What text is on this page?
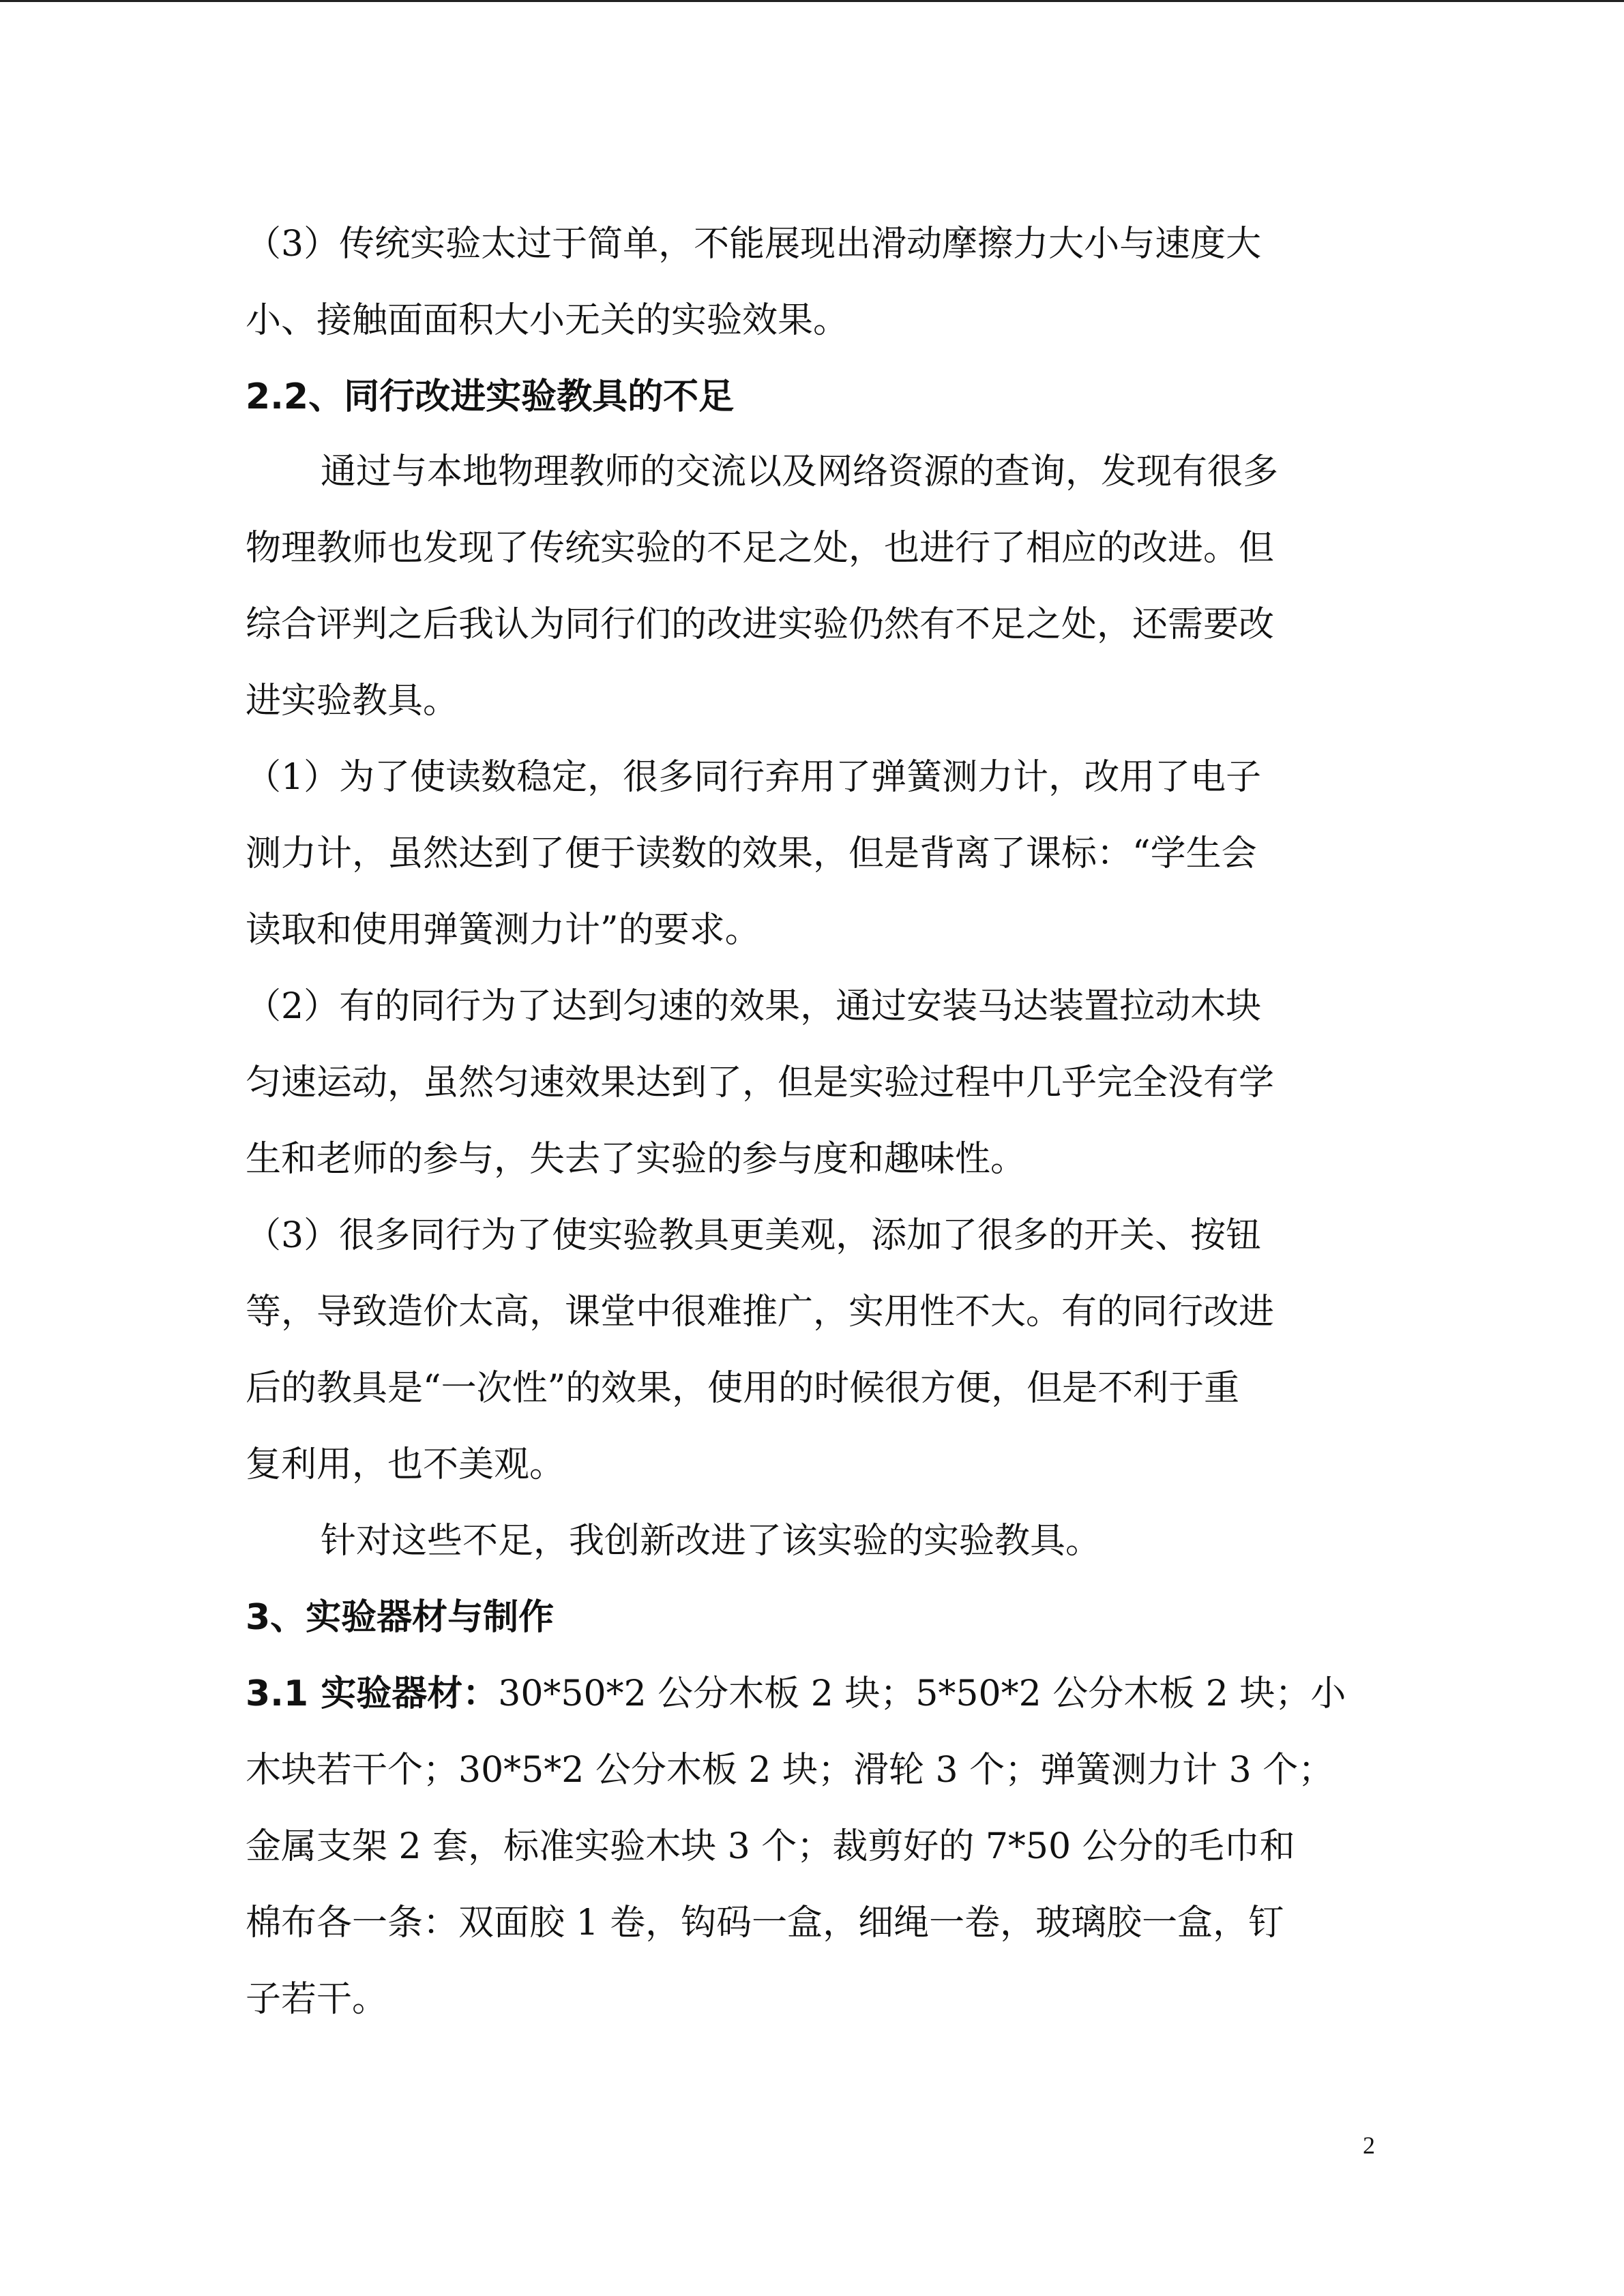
（3）传统实验太过于简单，不能展现出滑动摩擦力大小与速度大
小、接触面面积大小无关的实验效果。
2.2、同行改进实验教具的不足
通过与本地物理教师的交流以及网络资源的查询，发现有很多
物理教师也发现了传统实验的不足之处，也进行了相应的改进。但
综合评判之后我认为同行们的改进实验仍然有不足之处，还需要改
进实验教具。
（1）为了使读数稳定，很多同行弃用了弹簧测力计，改用了电子
测力计，虽然达到了便于读数的效果，但是背离了课标：“学生会
读取和使用弹簧测力计”的要求。
（2）有的同行为了达到匀速的效果，通过安装马达装置拉动木块
匀速运动，虽然匀速效果达到了，但是实验过程中几乎完全没有学
生和老师的参与，失去了实验的参与度和趣味性。
（3）很多同行为了使实验教具更美观，添加了很多的开关、按钮
等，导致造价太高，课堂中很难推广，实用性不大。有的同行改进
后的教具是“一次性”的效果，使用的时候很方便，但是不利于重
复利用，也不美观。
针对这些不足，我创新改进了该实验的实验教具。
3、实验器材与制作
3.1 实验器材：30*50*2 公分木板 2 块；5*50*2 公分木板 2 块；小
木块若干个；30*5*2 公分木板 2 块；滑轮 3 个；弹簧测力计 3 个；
金属支架 2 套，标准实验木块 3 个；裁剪好的 7*50 公分的毛巾和
棉布各一条：双面胶 1 卷，钩码一盒，细绳一卷，玻璃胶一盒，钉
子若干。
2
